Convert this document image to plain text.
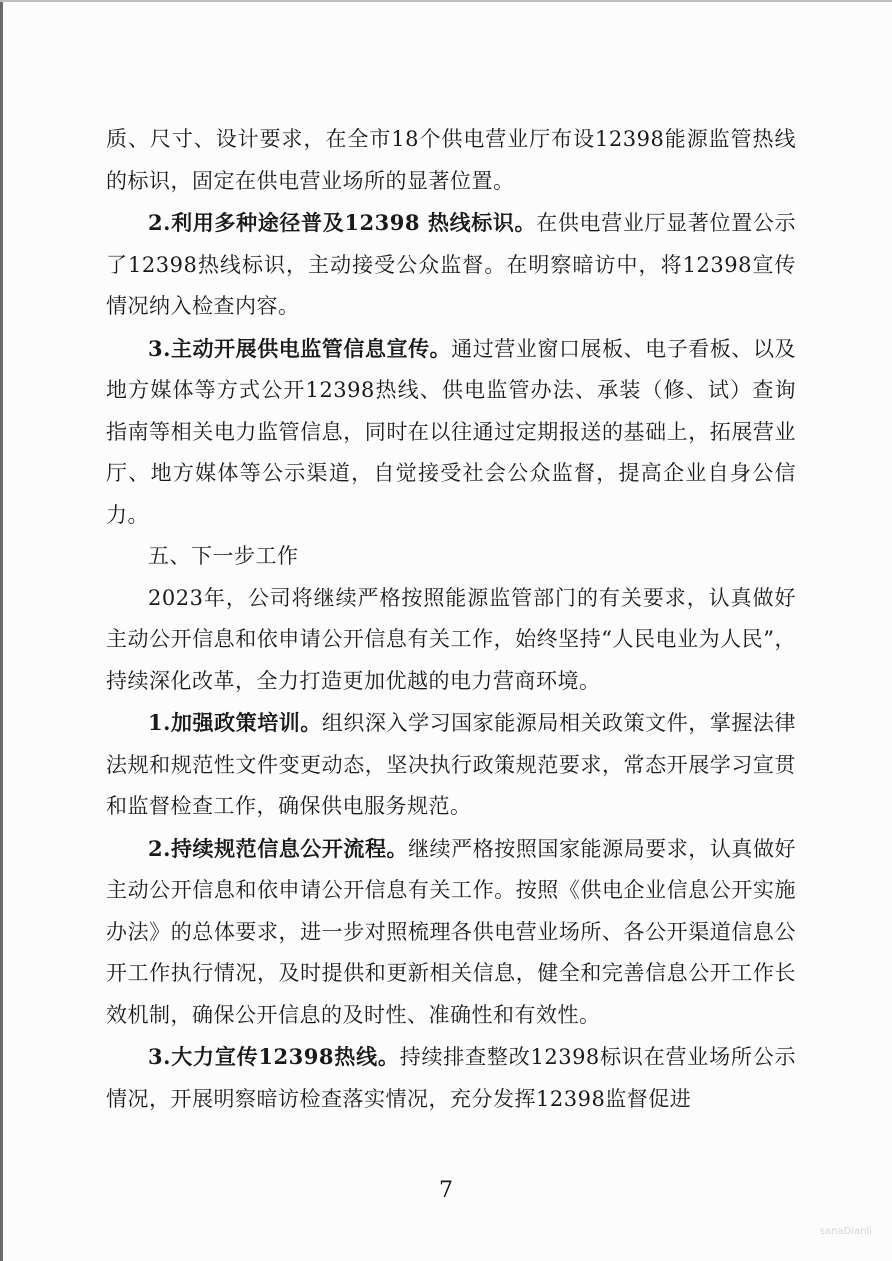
质、尺寸、设计要求，在全市18个供电营业厅布设12398能源监管热线的标识，固定在供电营业场所的显著位置。

2.利用多种途径普及12398 热线标识。在供电营业厅显著位置公示了12398热线标识，主动接受公众监督。在明察暗访中，将12398宣传情况纳入检查内容。

3.主动开展供电监管信息宣传。通过营业窗口展板、电子看板、以及地方媒体等方式公开12398热线、供电监管办法、承装（修、试）查询指南等相关电力监管信息，同时在以往通过定期报送的基础上，拓展营业厅、地方媒体等公示渠道，自觉接受社会公众监督，提高企业自身公信力。

五、下一步工作

2023年，公司将继续严格按照能源监管部门的有关要求，认真做好主动公开信息和依申请公开信息有关工作，始终坚持“人民电业为人民”，持续深化改革，全力打造更加优越的电力营商环境。

1.加强政策培训。组织深入学习国家能源局相关政策文件，掌握法律法规和规范性文件变更动态，坚决执行政策规范要求，常态开展学习宣贯和监督检查工作，确保供电服务规范。

2.持续规范信息公开流程。继续严格按照国家能源局要求，认真做好主动公开信息和依申请公开信息有关工作。按照《供电企业信息公开实施办法》的总体要求，进一步对照梳理各供电营业场所、各公开渠道信息公开工作执行情况，及时提供和更新相关信息，健全和完善信息公开工作长效机制，确保公开信息的及时性、准确性和有效性。

3.大力宣传12398热线。持续排查整改12398标识在营业场所公示情况，开展明察暗访检查落实情况，充分发挥12398监督促进

7
sanaDianli
